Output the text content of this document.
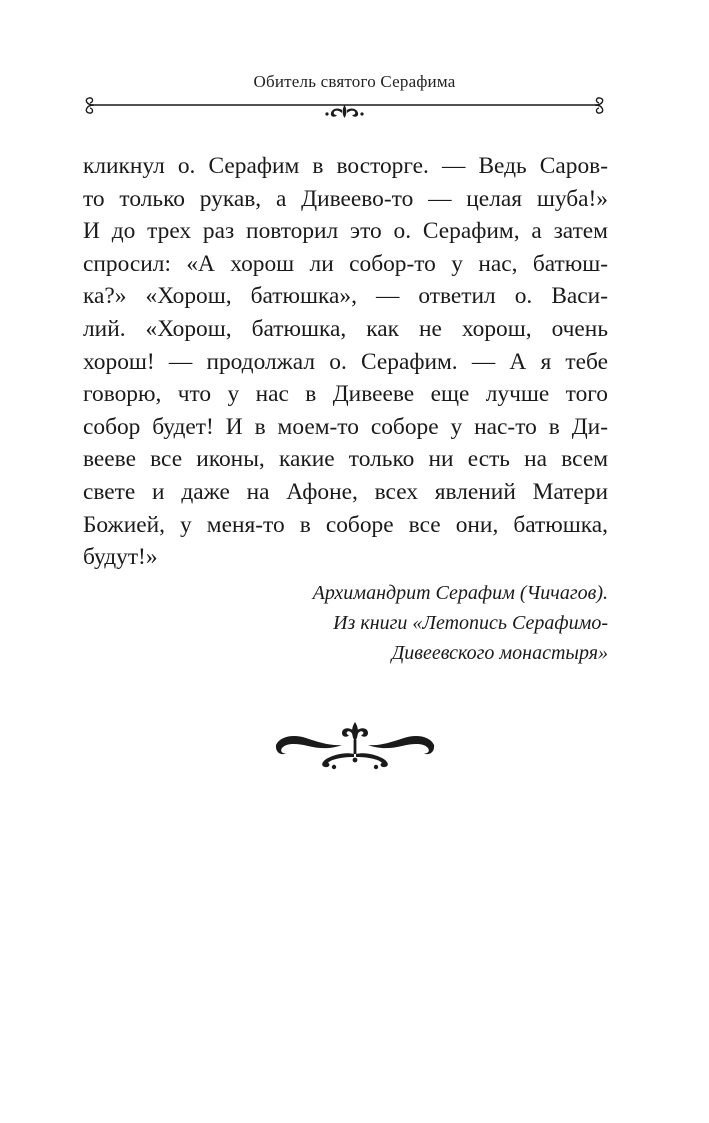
Обитель святого Серафима
кликнул о. Серафим в восторге. — Ведь Саров-
то только рукав, а Дивеево-то — целая шуба!»
И до трех раз повторил это о. Серафим, а затем
спросил: «А хорош ли собор-то у нас, батюш-
ка?» «Хорош, батюшка», — ответил о. Васи-
лий. «Хорош, батюшка, как не хорош, очень
хорош! — продолжал о. Серафим. — А я тебе
говорю, что у нас в Дивееве еще лучше того
собор будет! И в моем-то соборе у нас-то в Ди-
вееве все иконы, какие только ни есть на всем
свете и даже на Афоне, всех явлений Матери
Божией, у меня-то в соборе все они, батюшка,
будут!»
Архимандрит Серафим (Чичагов).
Из книги «Летопись Серафимо-
Дивеевского монастыря»
